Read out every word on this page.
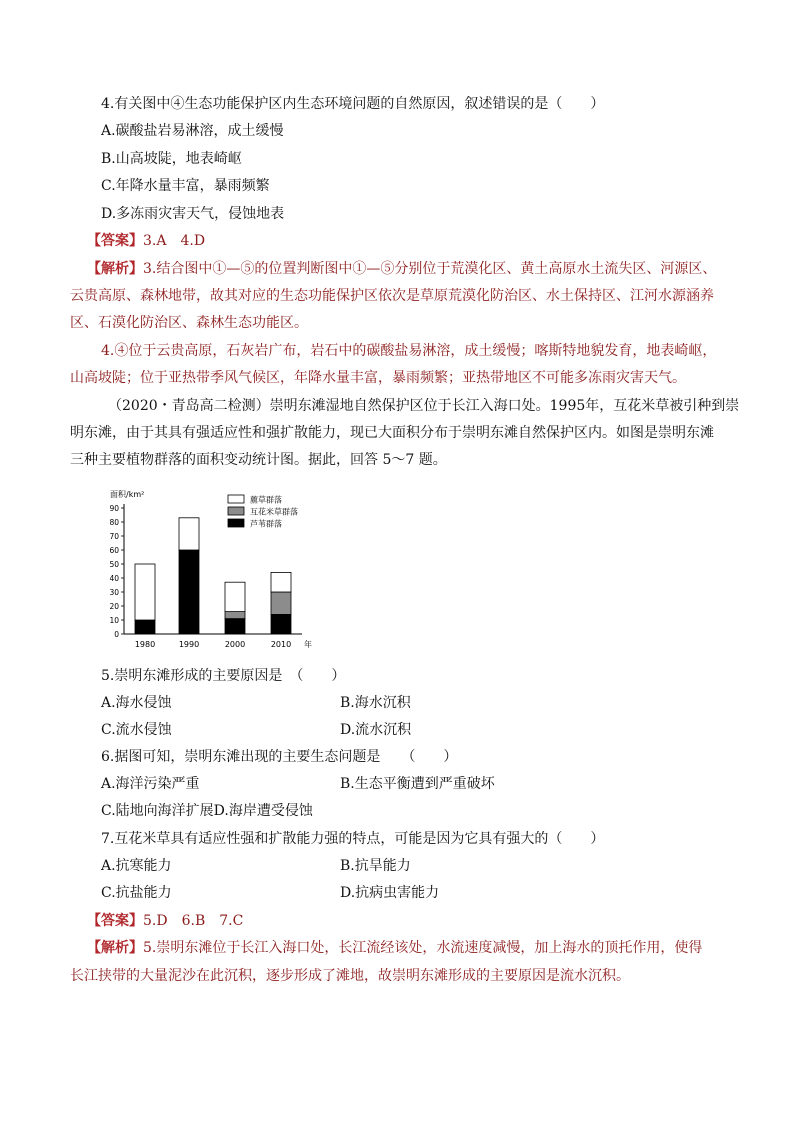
4.有关图中④生态功能保护区内生态环境问题的自然原因，叙述错误的是（　　）
A.碳酸盐岩易淋溶，成土缓慢
B.山高坡陡，地表崎岖
C.年降水量丰富，暴雨频繁
D.多冻雨灾害天气，侵蚀地表
【答案】3.A　4.D
【解析】3.结合图中①—⑤的位置判断图中①—⑤分别位于荒漠化区、黄土高原水土流失区、河源区、
云贵高原、森林地带，故其对应的生态功能保护区依次是草原荒漠化防治区、水土保持区、江河水源涵养
区、石漠化防治区、森林生态功能区。
4.④位于云贵高原，石灰岩广布，岩石中的碳酸盐易淋溶，成土缓慢；喀斯特地貌发育，地表崎岖，
山高坡陡；位于亚热带季风气候区，年降水量丰富，暴雨频繁；亚热带地区不可能多冻雨灾害天气。
（2020・青岛高二检测）崇明东滩湿地自然保护区位于长江入海口处。1995年，互花米草被引种到崇
明东滩，由于其具有强适应性和强扩散能力，现已大面积分布于崇明东滩自然保护区内。如图是崇明东滩
三种主要植物群落的面积变动统计图。据此，回答 5～7 题。
面积/km²
0
10
20
30
40
50
60
70
80
90
1980	1990	2000	2010 年
藨草群落
互花米草群落
芦苇群落
5.崇明东滩形成的主要原因是　（　　）
A.海水侵蚀	B.海水沉积
C.流水侵蚀	D.流水沉积
6.据图可知，崇明东滩出现的主要生态问题是　　（　　）
A.海洋污染严重	B.生态平衡遭到严重破坏
C.陆地向海洋扩展D.海岸遭受侵蚀
7.互花米草具有适应性强和扩散能力强的特点，可能是因为它具有强大的（　　）
A.抗寒能力	B.抗旱能力
C.抗盐能力	D.抗病虫害能力
【答案】5.D　6.B　7.C
【解析】5.崇明东滩位于长江入海口处，长江流经该处，水流速度减慢，加上海水的顶托作用，使得
长江挟带的大量泥沙在此沉积，逐步形成了滩地，故崇明东滩形成的主要原因是流水沉积。
